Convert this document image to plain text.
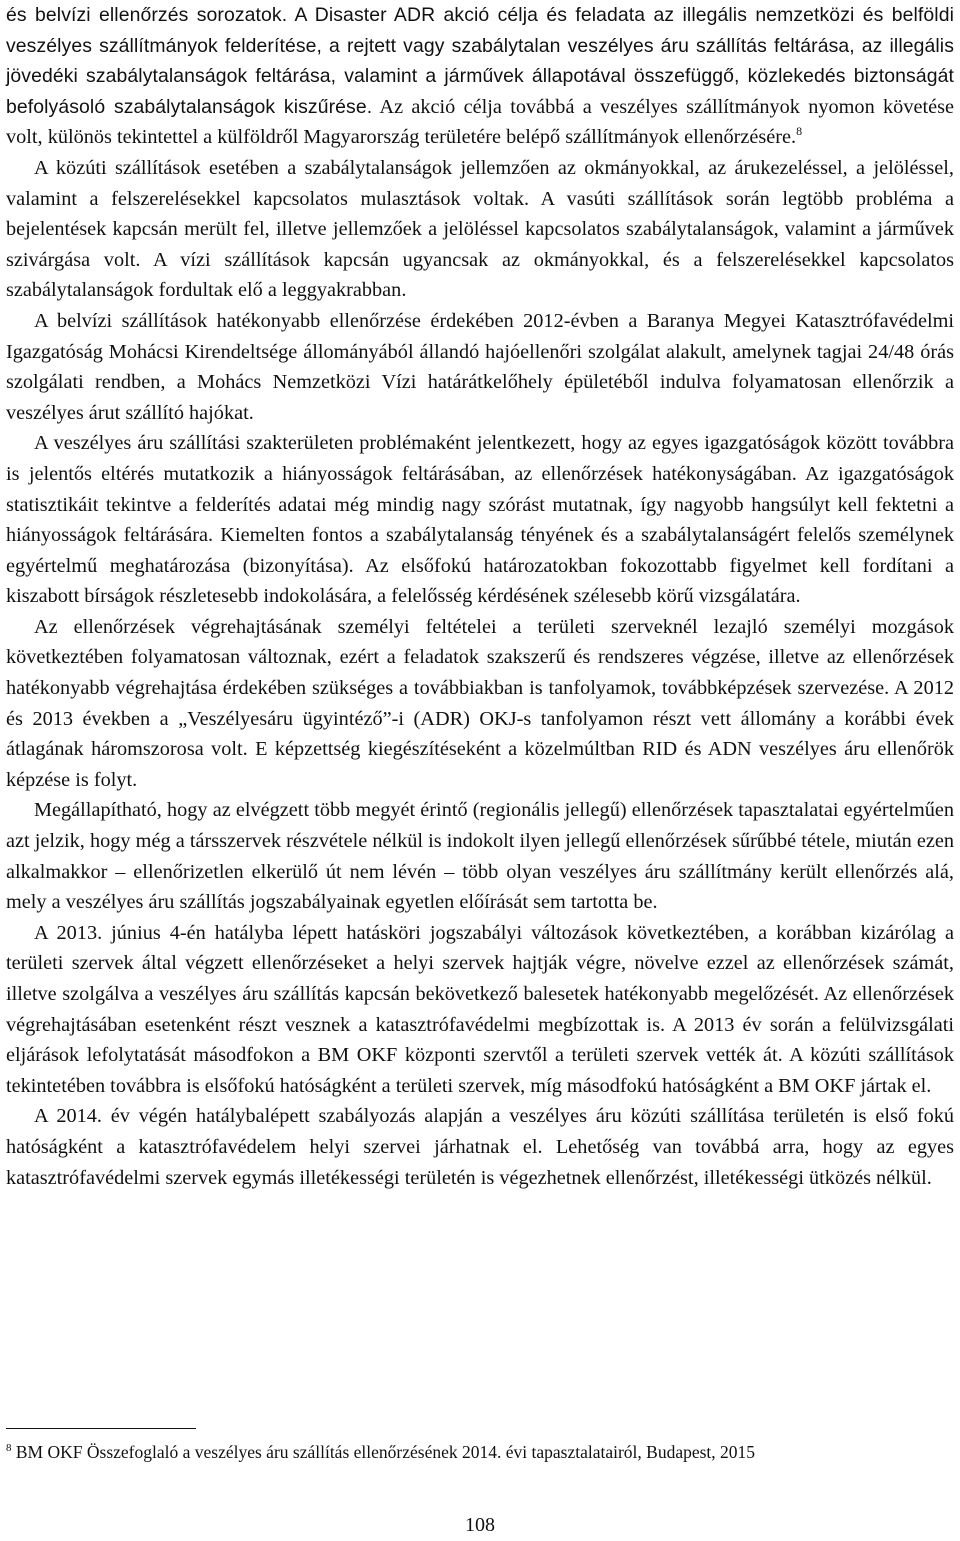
és belvízi ellenőrzés sorozatok. A Disaster ADR akció célja és feladata az illegális nemzetközi és belföldi veszélyes szállítmányok felderítése, a rejtett vagy szabálytalan veszélyes áru szállítás feltárása, az illegális jövedéki szabálytalanságok feltárása, valamint a járművek állapotával összefüggő, közlekedés biztonságát befolyásoló szabálytalanságok kiszűrése. Az akció célja továbbá a veszélyes szállítmányok nyomon követése volt, különös tekintettel a külföldről Magyarország területére belépő szállítmányok ellenőrzésére.$^8$

A közúti szállítások esetében a szabálytalanságok jellemzően az okmányokkal, az árukezeléssel, a jelöléssel, valamint a felszerelésekkel kapcsolatos mulasztások voltak. A vasúti szállítások során legtöbb probléma a bejelentések kapcsán merült fel, illetve jellemzőek a jelöléssel kapcsolatos szabálytalanságok, valamint a járművek szivárgása volt. A vízi szállítások kapcsán ugyancsak az okmányokkal, és a felszerelésekkel kapcsolatos szabálytalanságok fordultak elő a leggyakrabban.

A belvízi szállítások hatékonyabb ellenőrzése érdekében 2012-évben a Baranya Megyei Katasztrófavédelmi Igazgatóság Mohácsi Kirendeltsége állományából állandó hajóellenőri szolgálat alakult, amelynek tagjai 24/48 órás szolgálati rendben, a Mohács Nemzetközi Vízi határátkelőhely épületéből indulva folyamatosan ellenőrzik a veszélyes árut szállító hajókat.

A veszélyes áru szállítási szakterületen problémaként jelentkezett, hogy az egyes igazgatóságok között továbbra is jelentős eltérés mutatkozik a hiányosságok feltárásában, az ellenőrzések hatékonyságában. Az igazgatóságok statisztikáit tekintve a felderítés adatai még mindig nagy szórást mutatnak, így nagyobb hangsúlyt kell fektetni a hiányosságok feltárására. Kiemelten fontos a szabálytalanság tényének és a szabálytalanságért felelős személynek egyértelmű meghatározása (bizonyítása). Az elsőfokú határozatokban fokozottabb figyelmet kell fordítani a kiszabott bírságok részletesebb indokolására, a felelősség kérdésének szélesebb körű vizsgálatára.

Az ellenőrzések végrehajtásának személyi feltételei a területi szerveknél lezajló személyi mozgások következtében folyamatosan változnak, ezért a feladatok szakszerű és rendszeres végzése, illetve az ellenőrzések hatékonyabb végrehajtása érdekében szükséges a továbbiakban is tanfolyamok, továbbképzések szervezése. A 2012 és 2013 években a „Veszélyesáru ügyintéző”-i (ADR) OKJ-s tanfolyamon részt vett állomány a korábbi évek átlagának háromszorosa volt. E képzettség kiegészítéseként a közelmúltban RID és ADN veszélyes áru ellenőrök képzése is folyt.

Megállapítható, hogy az elvégzett több megyét érintő (regionális jellegű) ellenőrzések tapasztalatai egyértelműen azt jelzik, hogy még a társszervek részvétele nélkül is indokolt ilyen jellegű ellenőrzések sűrűbbé tétele, miután ezen alkalmakkor – ellenőrizetlen elkerülő út nem lévén – több olyan veszélyes áru szállítmány került ellenőrzés alá, mely a veszélyes áru szállítás jogszabályainak egyetlen előírását sem tartotta be.

A 2013. június 4-én hatályba lépett hatásköri jogszabályi változások következtében, a korábban kizárólag a területi szervek által végzett ellenőrzéseket a helyi szervek hajtják végre, növelve ezzel az ellenőrzések számát, illetve szolgálva a veszélyes áru szállítás kapcsán bekövetkező balesetek hatékonyabb megelőzését. Az ellenőrzések végrehajtásában esetenként részt vesznek a katasztrófavédelmi megbízottak is. A 2013 év során a felülvizsgálati eljárások lefolytatását másodfokon a BM OKF központi szervtől a területi szervek vették át. A közúti szállítások tekintetében továbbra is elsőfokú hatóságként a területi szervek, míg másodfokú hatóságként a BM OKF jártak el.

A 2014. év végén hatálybalépett szabályozás alapján a veszélyes áru közúti szállítása területén is első fokú hatóságként a katasztrófavédelem helyi szervei járhatnak el. Lehetőség van továbbá arra, hogy az egyes katasztrófavédelmi szervek egymás illetékességi területén is végezhetnek ellenőrzést, illetékességi ütközés nélkül.

$^8$ BM OKF Összefoglaló a veszélyes áru szállítás ellenőrzésének 2014. évi tapasztalatairól, Budapest, 2015
108
